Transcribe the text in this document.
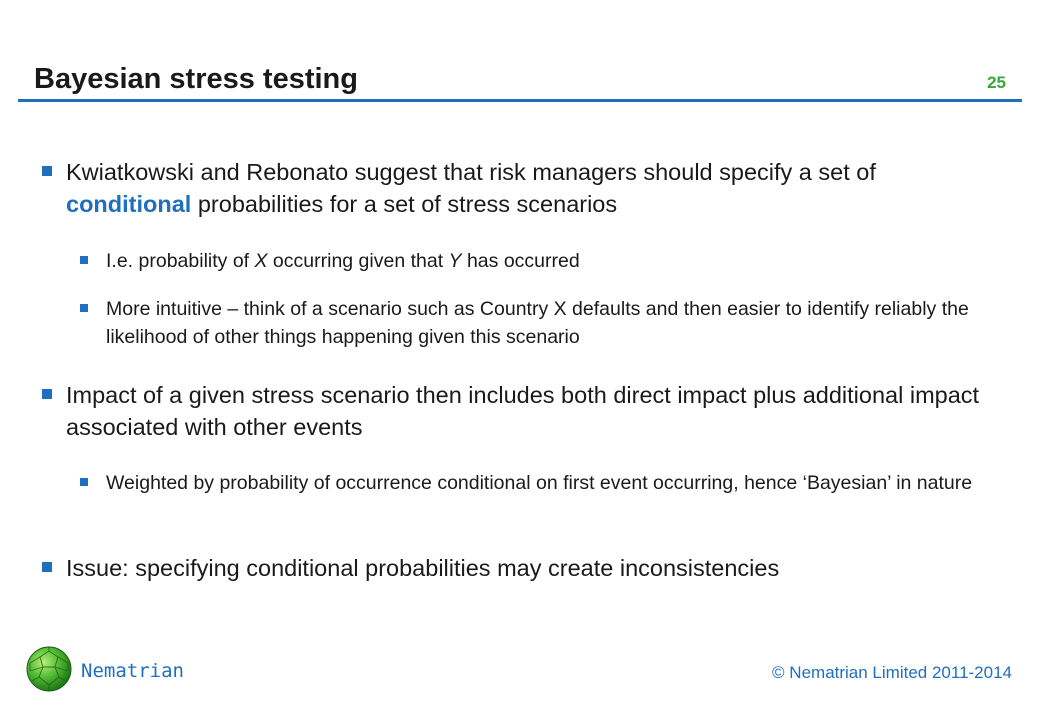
Bayesian stress testing	25
Kwiatkowski and Rebonato suggest that risk managers should specify a set of conditional probabilities for a set of stress scenarios
I.e. probability of X occurring given that Y has occurred
More intuitive – think of a scenario such as Country X defaults and then easier to identify reliably the likelihood of other things happening given this scenario
Impact of a given stress scenario then includes both direct impact plus additional impact associated with other events
Weighted by probability of occurrence conditional on first event occurring, hence ‘Bayesian’ in nature
Issue: specifying conditional probabilities may create inconsistencies
Nematrian	© Nematrian Limited 2011-2014
